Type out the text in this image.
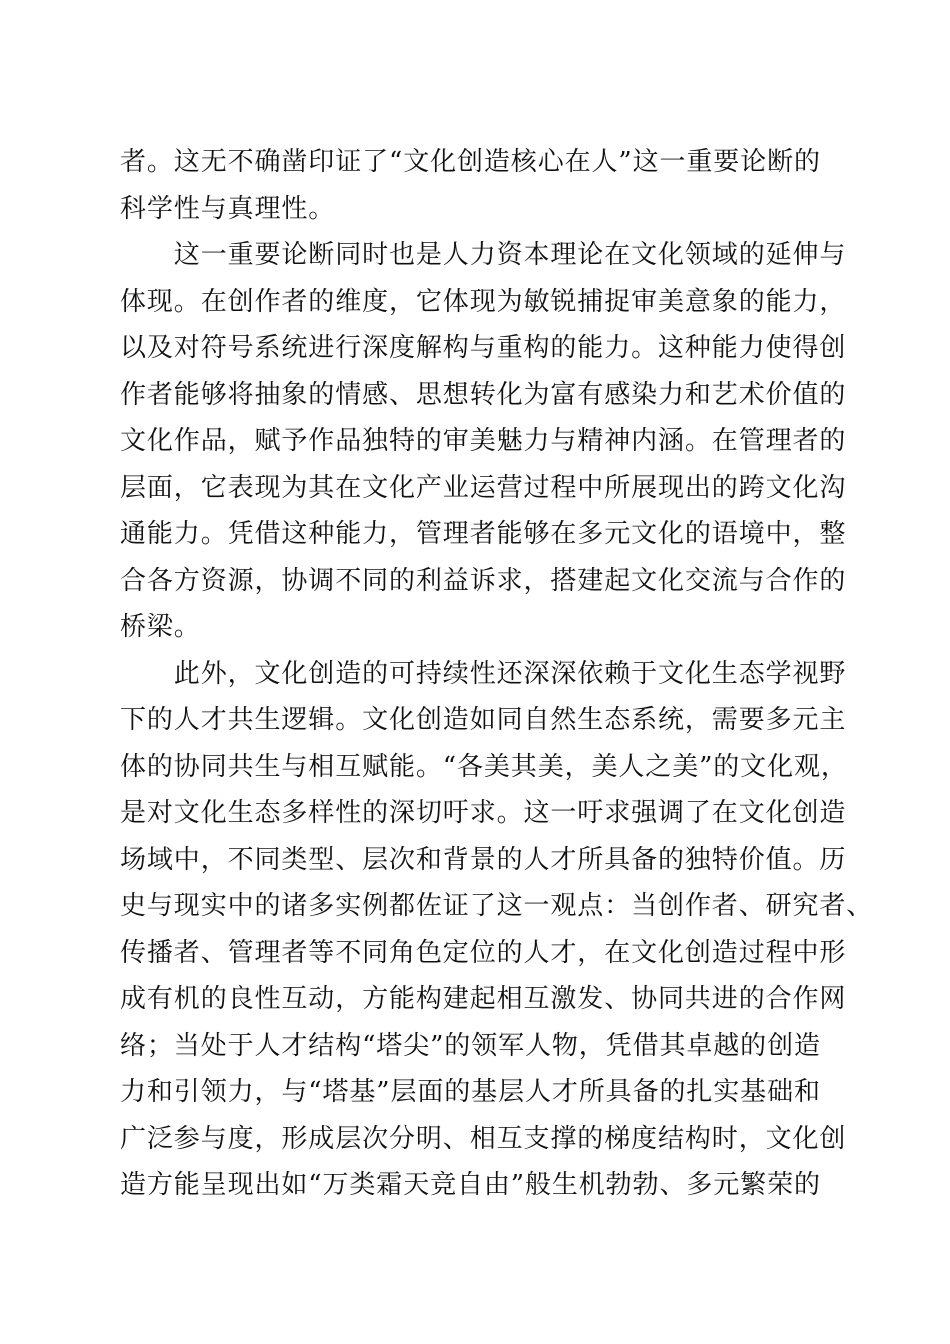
者。这无不确凿印证了“文化创造核心在人”这一重要论断的
科学性与真理性。
　　这一重要论断同时也是人力资本理论在文化领域的延伸与
体现。在创作者的维度，它体现为敏锐捕捉审美意象的能力，
以及对符号系统进行深度解构与重构的能力。这种能力使得创
作者能够将抽象的情感、思想转化为富有感染力和艺术价值的
文化作品，赋予作品独特的审美魅力与精神内涵。在管理者的
层面，它表现为其在文化产业运营过程中所展现出的跨文化沟
通能力。凭借这种能力，管理者能够在多元文化的语境中，整
合各方资源，协调不同的利益诉求，搭建起文化交流与合作的
桥梁。
　　此外，文化创造的可持续性还深深依赖于文化生态学视野
下的人才共生逻辑。文化创造如同自然生态系统，需要多元主
体的协同共生与相互赋能。“各美其美，美人之美”的文化观，
是对文化生态多样性的深切吁求。这一吁求强调了在文化创造
场域中，不同类型、层次和背景的人才所具备的独特价值。历
史与现实中的诸多实例都佐证了这一观点：当创作者、研究者、
传播者、管理者等不同角色定位的人才，在文化创造过程中形
成有机的良性互动，方能构建起相互激发、协同共进的合作网
络；当处于人才结构“塔尖”的领军人物，凭借其卓越的创造
力和引领力，与“塔基”层面的基层人才所具备的扎实基础和
广泛参与度，形成层次分明、相互支撑的梯度结构时，文化创
造方能呈现出如“万类霜天竞自由”般生机勃勃、多元繁荣的
